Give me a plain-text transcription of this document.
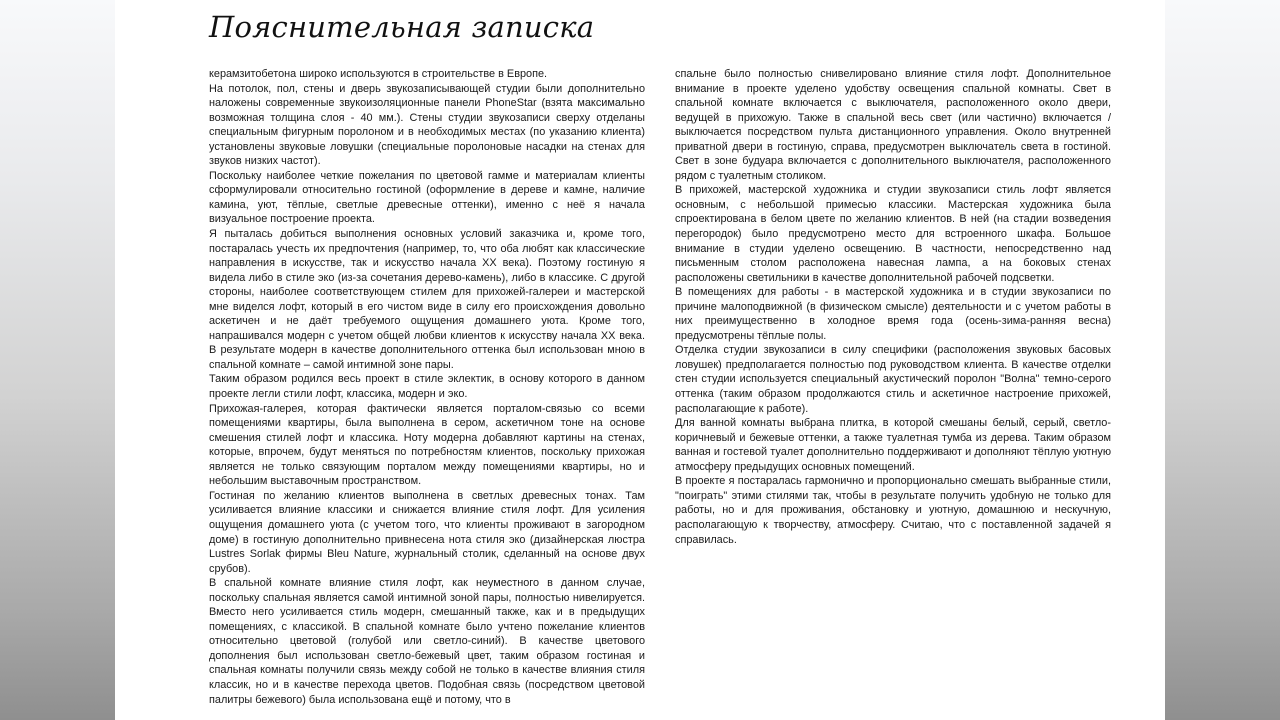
Пояснительная записка

керамзитобетона широко используются в строительстве в Европе.

На потолок, пол, стены и дверь звукозаписывающей студии были дополнительно наложены современные звукоизоляционные панели PhoneStar (взята максимально возможная толщина слоя - 40 мм.). Стены студии звукозаписи сверху отделаны специальным фигурным поролоном и в необходимых местах (по указанию клиента) установлены звуковые ловушки (специальные поролоновые насадки на стенах для звуков низких частот).

Поскольку наиболее четкие пожелания по цветовой гамме и материалам клиенты сформулировали относительно гостиной (оформление в дереве и камне, наличие камина, уют, тёплые, светлые древесные оттенки), именно с неё я начала визуальное построение проекта.

Я пыталась добиться выполнения основных условий заказчика и, кроме того, постаралась учесть их предпочтения (например, то, что оба любят как классические направления в искусстве, так и искусство начала XX века). Поэтому гостиную я видела либо в стиле эко (из-за сочетания дерево-камень), либо в классике. С другой стороны, наиболее соответствующем стилем для прихожей-галереи и мастерской мне виделся лофт, который в его чистом виде в силу его происхождения довольно аскетичен и не даёт требуемого ощущения домашнего уюта. Кроме того, напрашивался модерн с учетом общей любви клиентов к искусству начала XX века. В результате модерн в качестве дополнительного оттенка был использован мною в спальной комнате – самой интимной зоне пары.

Таким образом родился весь проект в стиле эклектик, в основу которого в данном проекте легли стили лофт, классика, модерн и эко.

Прихожая-галерея, которая фактически является порталом-связью со всеми помещениями квартиры, была выполнена в сером, аскетичном тоне на основе смешения стилей лофт и классика. Ноту модерна добавляют картины на стенах, которые, впрочем, будут меняться по потребностям клиентов, поскольку прихожая является не только связующим порталом между помещениями квартиры, но и небольшим выставочным пространством.

Гостиная по желанию клиентов выполнена в светлых древесных тонах. Там усиливается влияние классики и снижается влияние стиля лофт. Для усиления ощущения домашнего уюта (с учетом того, что клиенты проживают в загородном доме) в гостиную дополнительно привнесена нота стиля эко (дизайнерская люстра Lustres Sorlak фирмы Bleu Nature, журнальный столик, сделанный на основе двух срубов).

В спальной комнате влияние стиля лофт, как неуместного в данном случае, поскольку спальная является самой интимной зоной пары, полностью нивелируется. Вместо него усиливается стиль модерн, смешанный также, как и в предыдущих помещениях, с классикой. В спальной комнате было учтено пожелание клиентов относительно цветовой (голубой или светло-синий). В качестве цветового дополнения был использован светло-бежевый цвет, таким образом гостиная и спальная комнаты получили связь между собой не только в качестве влияния стиля классик, но и в качестве перехода цветов. Подобная связь (посредством цветовой палитры бежевого) была использована ещё и потому, что в

спальне было полностью снивелировано влияние стиля лофт. Дополнительное внимание в проекте уделено удобству освещения спальной комнаты. Свет в спальной комнате включается с выключателя, расположенного около двери, ведущей в прихожую. Также в спальной весь свет (или частично) включается / выключается посредством пульта дистанционного управления. Около внутренней приватной двери в гостиную, справа, предусмотрен выключатель света в гостиной. Свет в зоне будуара включается с дополнительного выключателя, расположенного рядом с туалетным столиком.

В прихожей, мастерской художника и студии звукозаписи стиль лофт является основным, с небольшой примесью классики. Мастерская художника была спроектирована в белом цвете по желанию клиентов. В ней (на стадии возведения перегородок) было предусмотрено место для встроенного шкафа. Большое внимание в студии уделено освещению. В частности, непосредственно над письменным столом расположена навесная лампа, а на боковых стенах расположены светильники в качестве дополнительной рабочей подсветки.

В помещениях для работы - в мастерской художника и в студии звукозаписи по причине малоподвижной (в физическом смысле) деятельности и с учетом работы в них преимущественно в холодное время года (осень-зима-ранняя весна) предусмотрены тёплые полы.

Отделка студии звукозаписи в силу специфики (расположения звуковых басовых ловушек) предполагается полностью под руководством клиента. В качестве отделки стен студии используется специальный акустический поролон "Волна" темно-серого оттенка (таким образом продолжаются стиль и аскетичное настроение прихожей, располагающие к работе).

Для ванной комнаты выбрана плитка, в которой смешаны белый, серый, светло-коричневый и бежевые оттенки, а также туалетная тумба из дерева. Таким образом ванная и гостевой туалет дополнительно поддерживают и дополняют тёплую уютную атмосферу предыдущих основных помещений.

В проекте я постаралась гармонично и пропорционально смешать выбранные стили, "поиграть" этими стилями так, чтобы в результате получить удобную не только для работы, но и для проживания, обстановку и уютную, домашнюю и нескучную, располагающую к творчеству, атмосферу. Считаю, что с поставленной задачей я справилась.
